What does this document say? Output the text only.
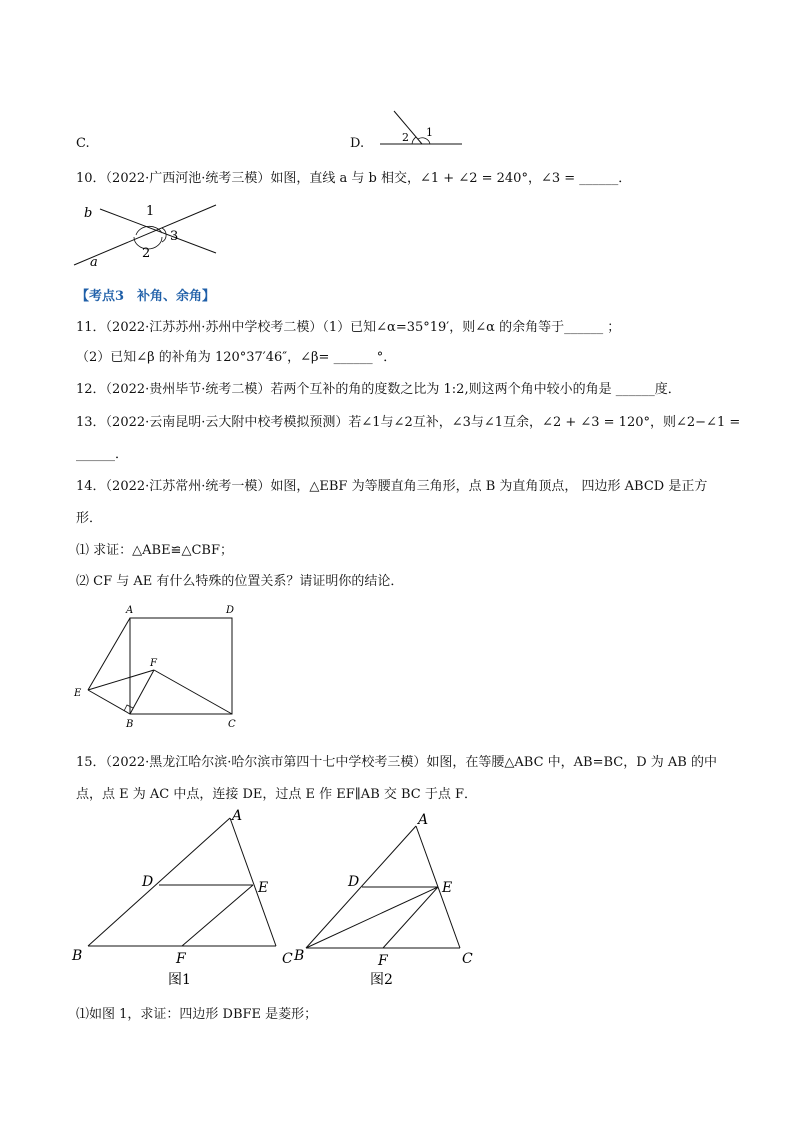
C.	D.	2 1
10．（2022·广西河池·统考三模）如图，直线 a 与 b 相交，∠1 + ∠2 = 240°，∠3 = ______．
b
a
1
2
3
【考点3　补角、余角】
11．（2022·江苏苏州·苏州中学校考二模）（1）已知∠α=35°19′，则∠α 的余角等于______ ；
（2）已知∠β 的补角为 120°37′46″，∠β= ______ °．
12．（2022·贵州毕节·统考二模）若两个互补的角的度数之比为 1:2,则这两个角中较小的角是 ______度．
13．（2022·云南昆明·云大附中校考模拟预测）若∠1与∠2互补，∠3与∠1互余，∠2 + ∠3 = 120°，则∠2−∠1 =
______．
14．（2022·江苏常州·统考一模）如图，△EBF 为等腰直角三角形，点 B 为直角顶点， 四边形 ABCD 是正方
形．
⑴ 求证：△ABE≌△CBF；
⑵ CF 与 AE 有什么特殊的位置关系？请证明你的结论．
A	D
F
E
B	C
15．（2022·黑龙江哈尔滨·哈尔滨市第四十七中学校考三模）如图，在等腰△ABC 中，AB=BC，D 为 AB 的中
点，点 E 为 AC 中点，连接 DE，过点 E 作 EF∥AB 交 BC 于点 F．
A
D	E
B	F	C
图1
A
D	E
B	F	C
图2
⑴如图 1，求证：四边形 DBFE 是菱形；
